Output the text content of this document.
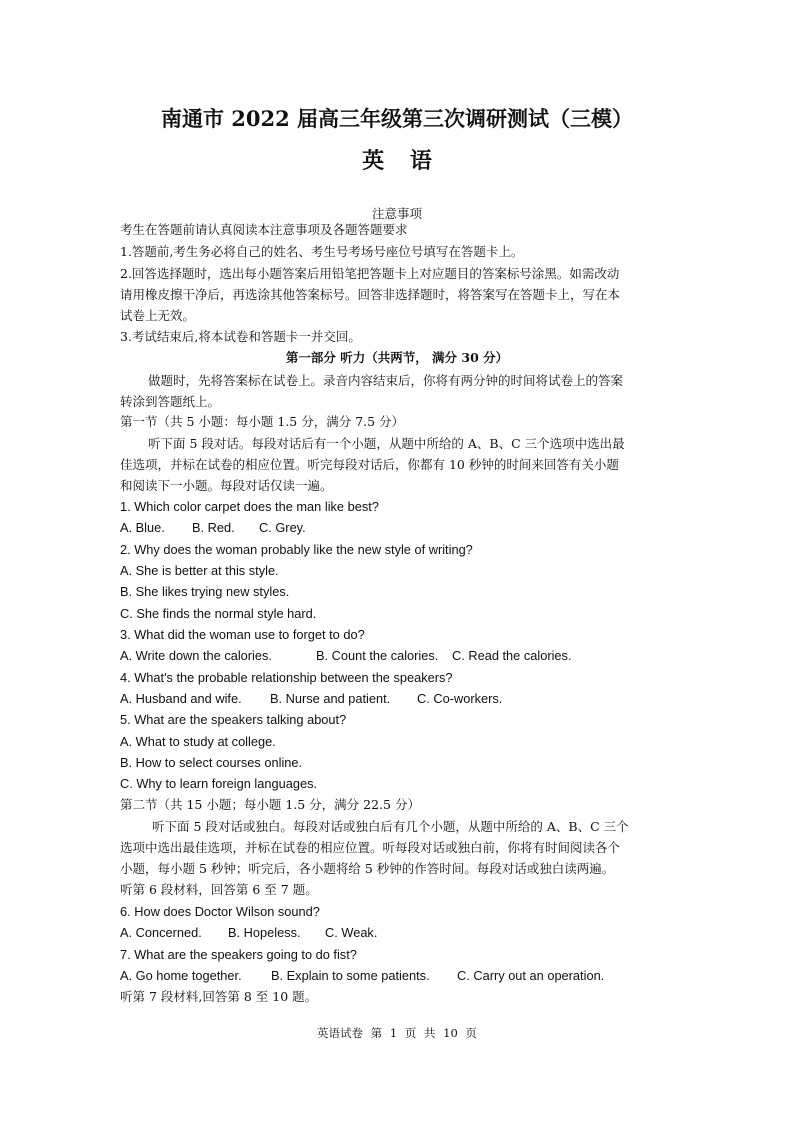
南通市 2022 届高三年级第三次调研测试（三模）
英 语
注意事项
考生在答题前请认真阅读本注意事项及各题答题要求
1.答题前,考生务必将自己的姓名、考生号考场号座位号填写在答题卡上。
2.回答选择题时，选出每小题答案后用铅笔把答题卡上对应题目的答案标号涂黑。如需改动
请用橡皮擦干净后，再选涂其他答案标号。回答非选择题时，将答案写在答题卡上，写在本
试卷上无效。
3.考试结束后,将本试卷和答题卡一并交回。
第一部分 听力（共两节， 满分 30 分）
做题时，先将答案标在试卷上。录音内容结束后，你将有两分钟的时间将试卷上的答案
转涂到答题纸上。
第一节（共 5 小题：每小题 1.5 分，满分 7.5 分）
听下面 5 段对话。每段对话后有一个小题，从题中所给的 A、B、C 三个选项中选出最
佳选项，并标在试卷的相应位置。听完每段对话后，你都有 10 秒钟的时间来回答有关小题
和阅读下一小题。每段对话仅读一遍。
1. Which color carpet does the man like best?
A. Blue. B. Red. C. Grey.
2. Why does the woman probably like the new style of writing?
A. She is better at this style.
B. She likes trying new styles.
C. She finds the normal style hard.
3. What did the woman use to forget to do?
A. Write down the calories.	B. Count the calories. C. Read the calories.
4. What's the probable relationship between the speakers?
A. Husband and wife. B. Nurse and patient. C. Co-workers.
5. What are the speakers talking about?
A. What to study at college.
B. How to select courses online.
C. Why to learn foreign languages.
第二节（共 15 小题；每小题 1.5 分，满分 22.5 分）
听下面 5 段对话或独白。每段对话或独白后有几个小题，从题中所给的 A、B、C 三个
选项中选出最佳选项，并标在试卷的相应位置。听每段对话或独白前，你将有时间阅读各个
小题，每小题 5 秒钟；听完后，各小题将给 5 秒钟的作答时间。每段对话或独白读两遍。
听第 6 段材料，回答第 6 至 7 题。
6. How does Doctor Wilson sound?
A. Concerned. B. Hopeless. C. Weak.
7. What are the speakers going to do fist?
A. Go home together. B. Explain to some patients. C. Carry out an operation.
听第 7 段材料,回答第 8 至 10 题。
英语试卷 第 1 页 共 10 页
